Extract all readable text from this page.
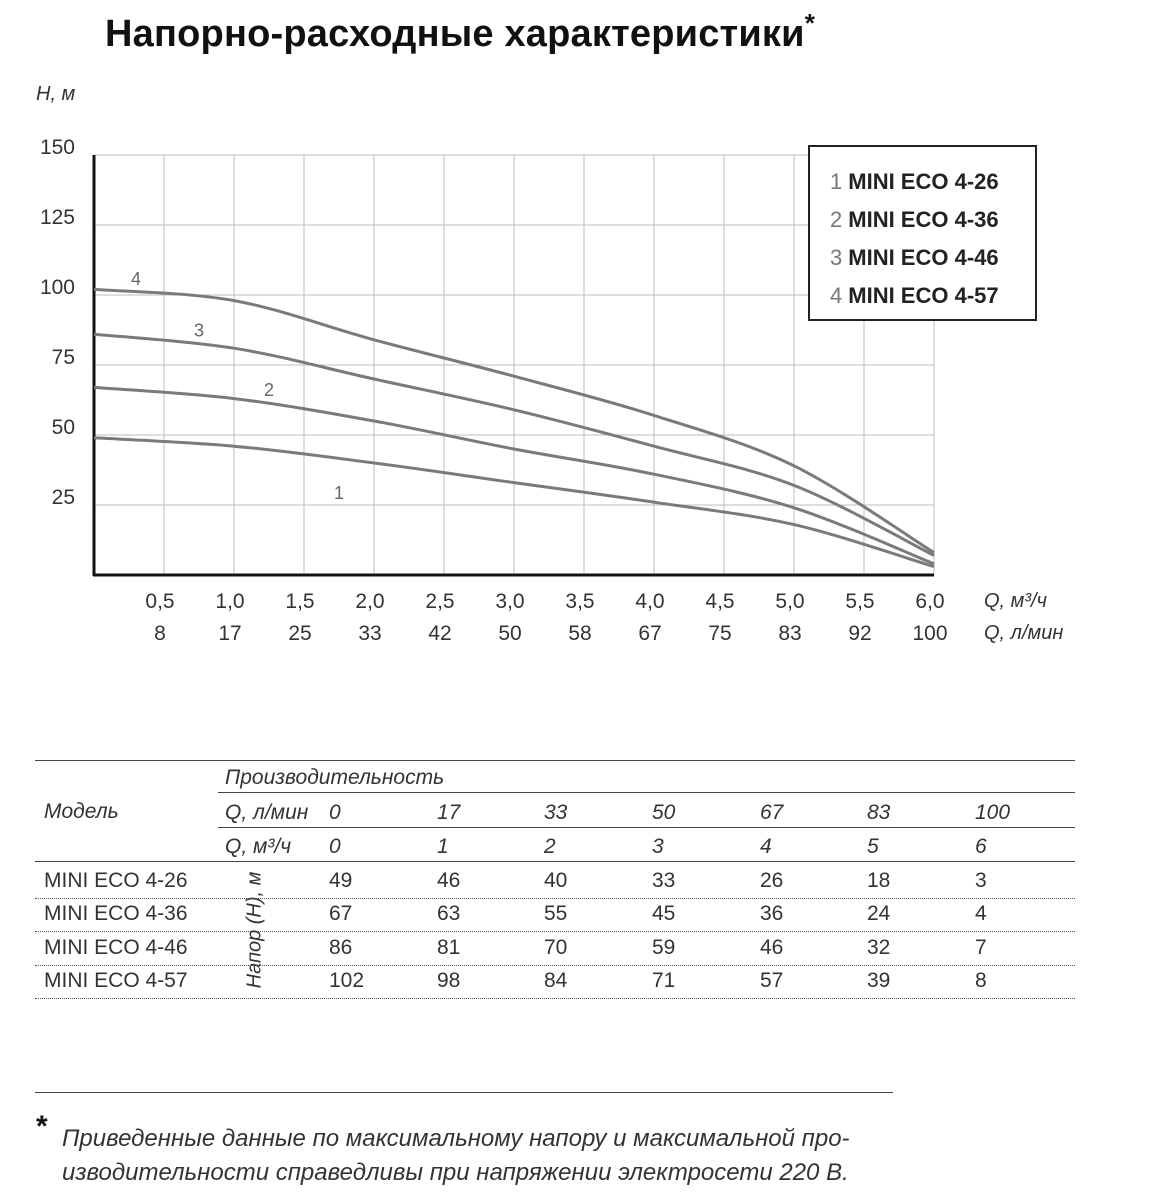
Напорно-расходные характеристики*
25
50
75
100
125
150
H, м
0,5 1,0 1,5 2,0 2,5 3,0 3,5 4,0 4,5 5,0 5,5 6,0
8 17 25 33 42 50 58 67 75 83 92 100
Q, м³/ч
Q, л/мин
1
2
3
4
1 MINI ECO 4-26
2 MINI ECO 4-36
3 MINI ECO 4-46
4 MINI ECO 4-57
Производительность
Модель	Q, л/мин 0	17	33	50	67	83	100
Q, м³/ч 0	1	2	3	4	5	6
Напор (H), м
MINI ECO 4-26	49	46	40	33	26	18	3
MINI ECO 4-36	67	63	55	45	36	24	4
MINI ECO 4-46	86	81	70	59	46	32	7
MINI ECO 4-57	102	98	84	71	57	39	8
* Приведенные данные по максимальному напору и максимальной про-изводительности справедливы при напряжении электросети 220 В.
